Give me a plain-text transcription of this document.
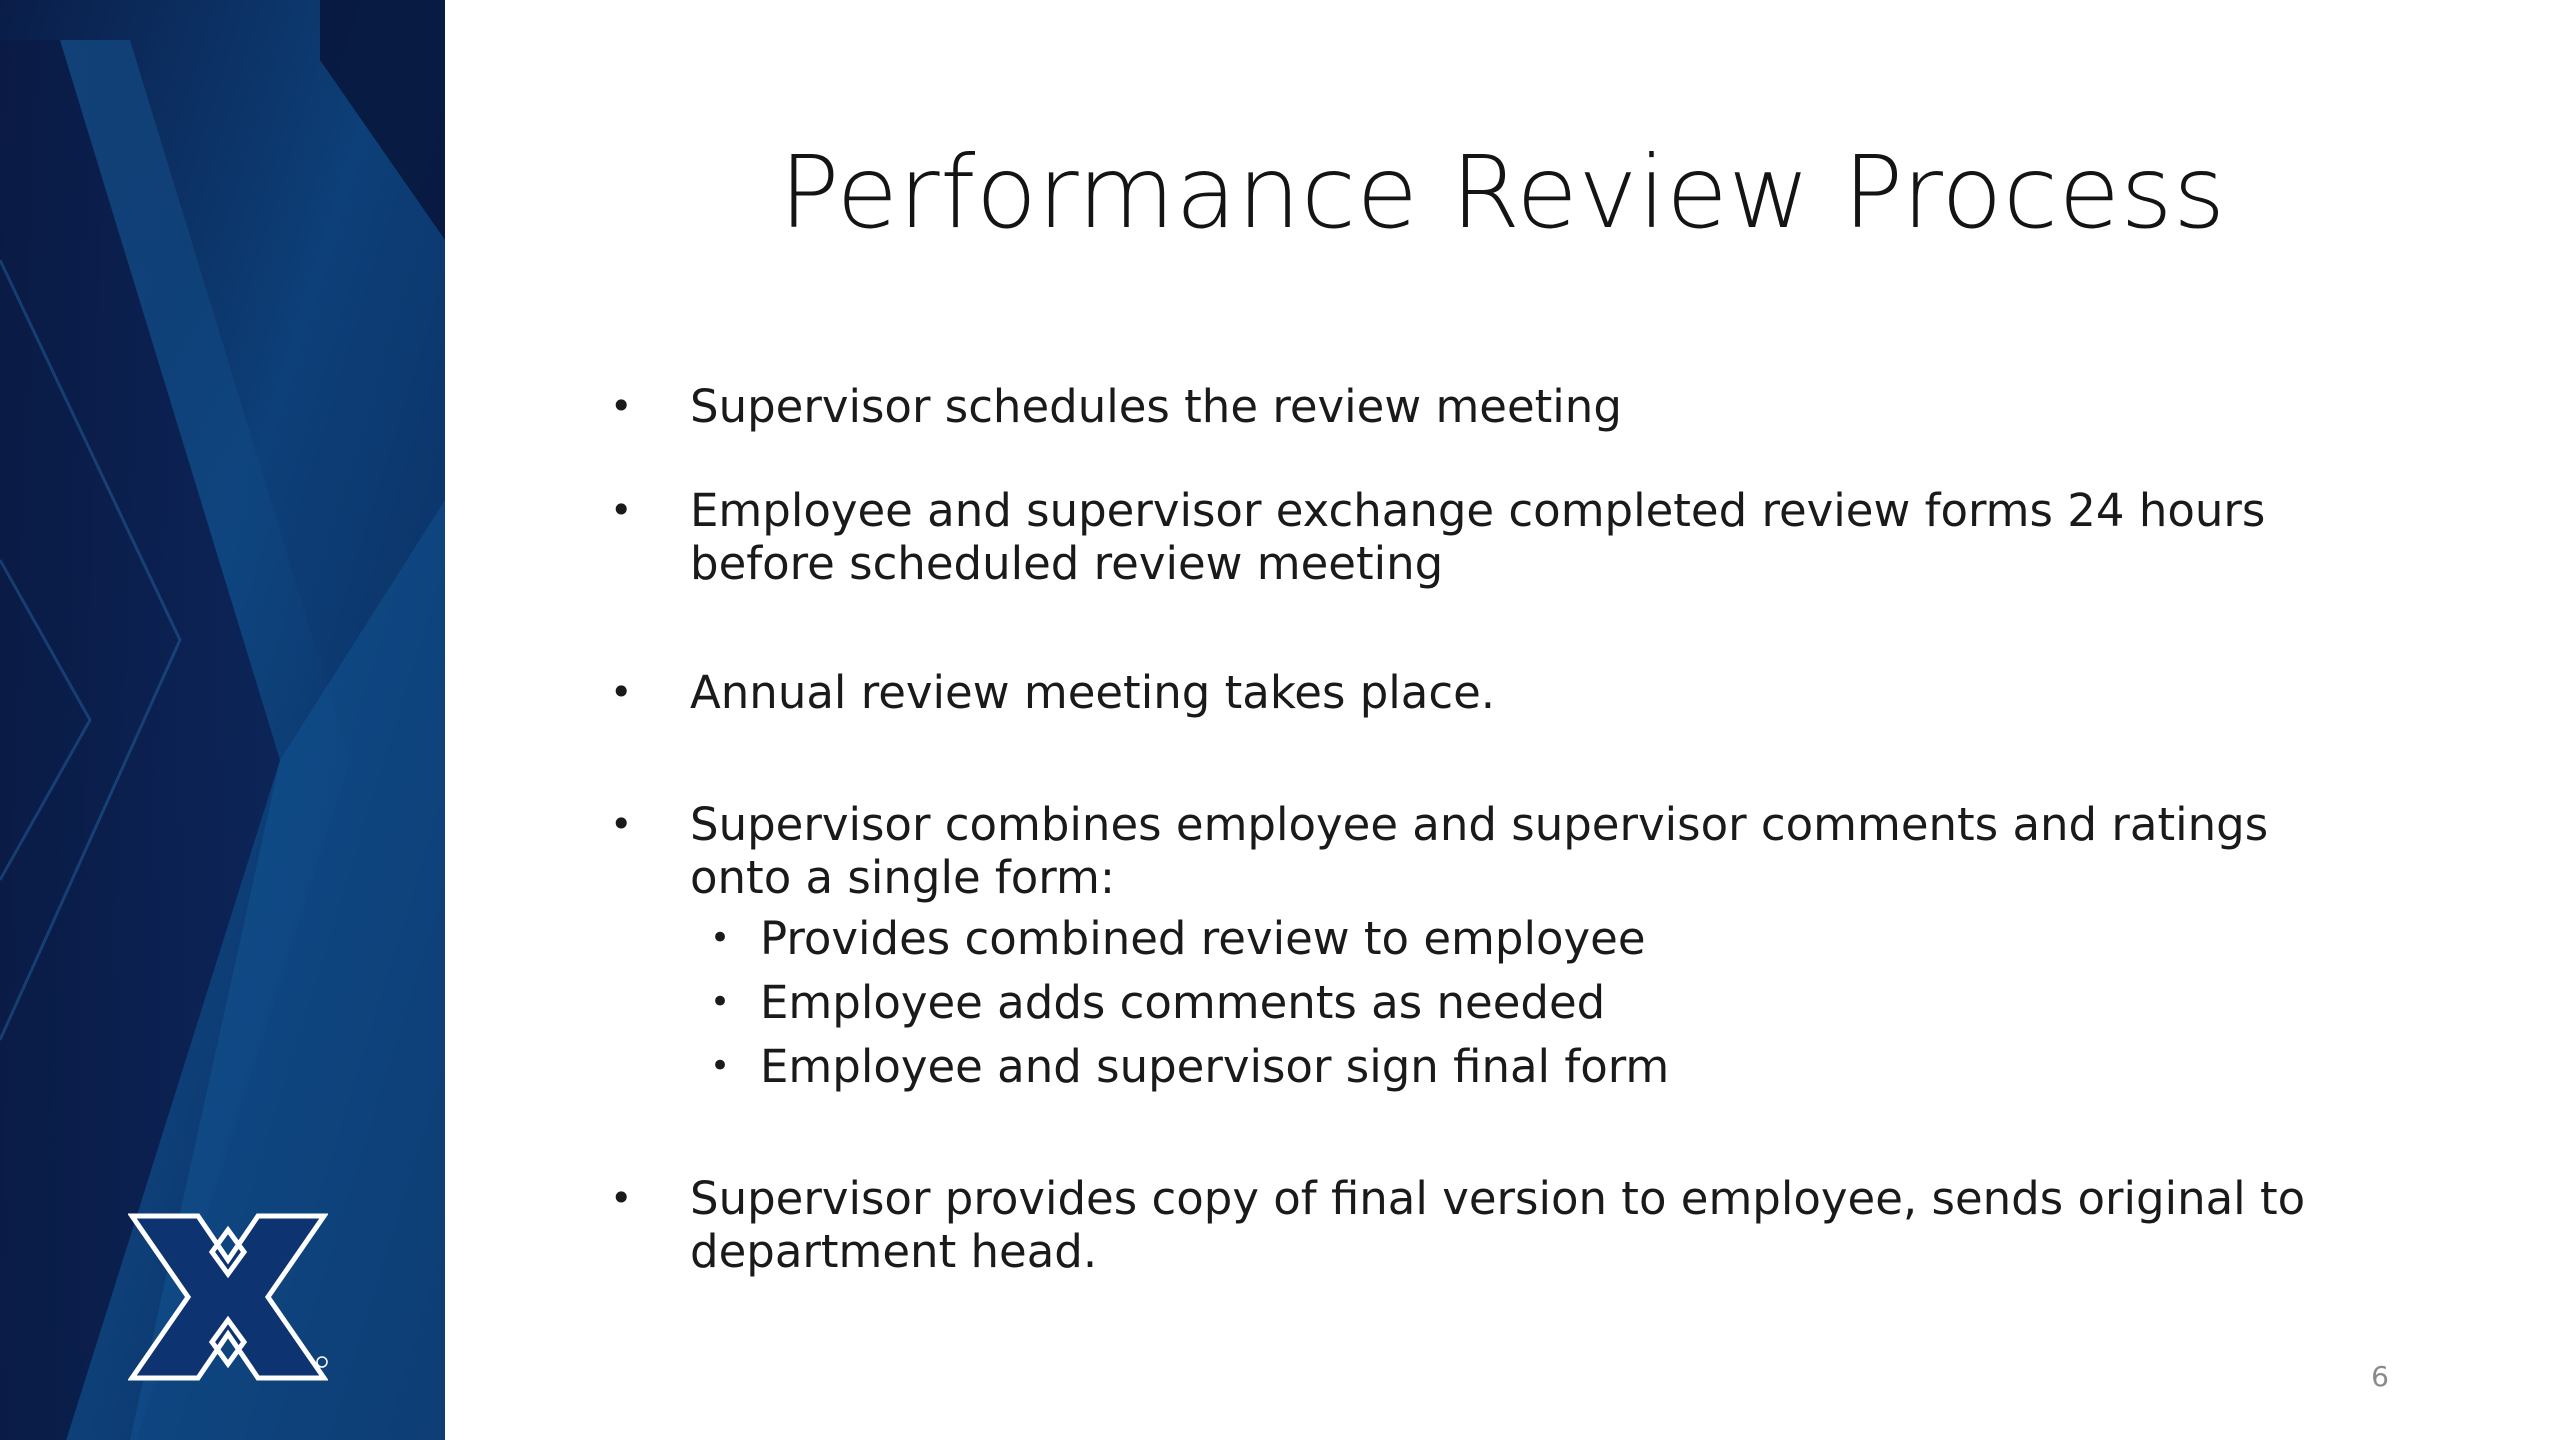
Performance Review Process
• Supervisor schedules the review meeting
• Employee and supervisor exchange completed review forms 24 hours before scheduled review meeting
• Annual review meeting takes place.
• Supervisor combines employee and supervisor comments and ratings onto a single form:
• Provides combined review to employee
• Employee adds comments as needed
• Employee and supervisor sign final form
• Supervisor provides copy of final version to employee, sends original to department head.
6
